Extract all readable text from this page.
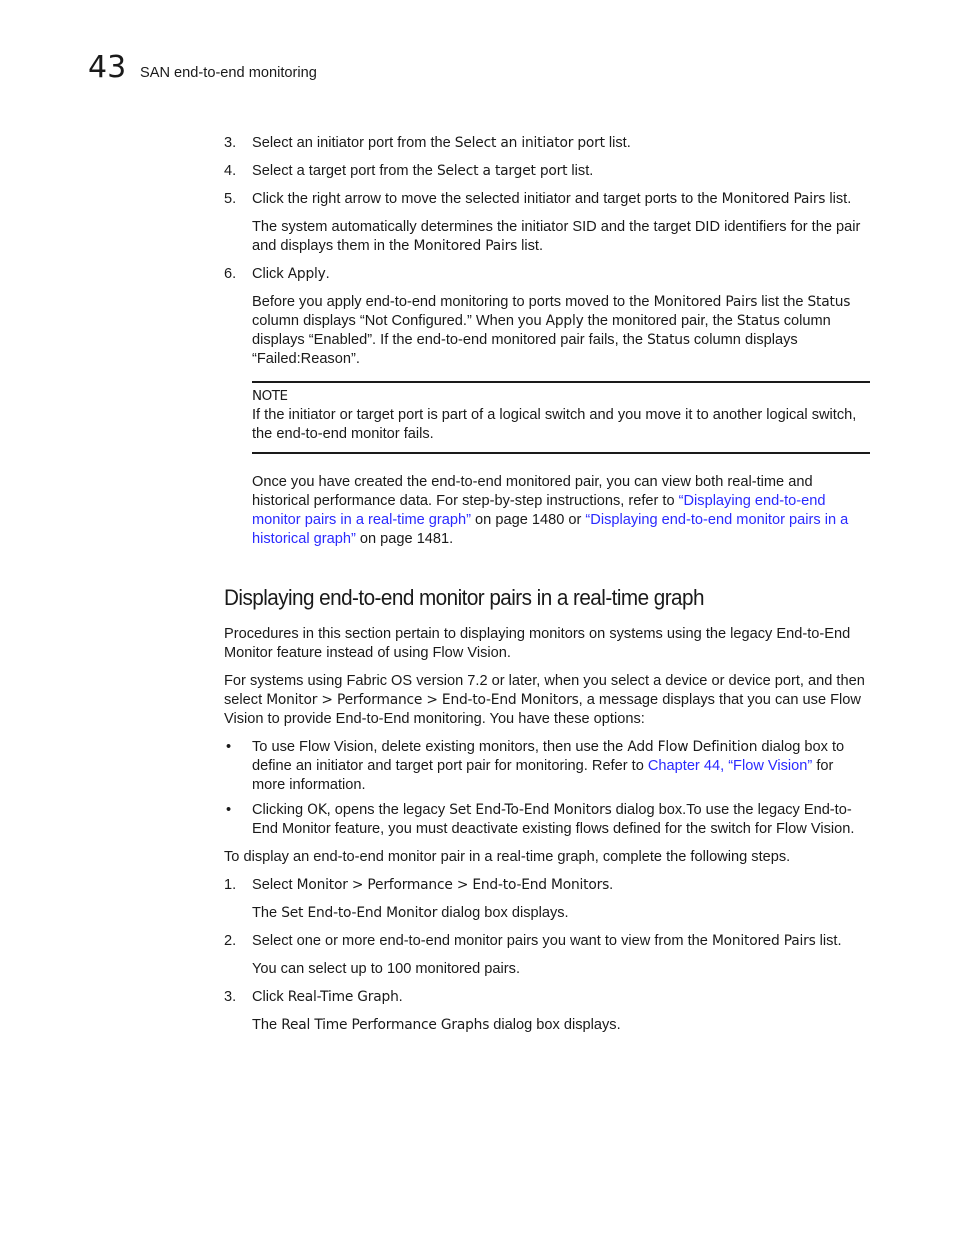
43 SAN end-to-end monitoring
3. Select an initiator port from the Select an initiator port list.
4. Select a target port from the Select a target port list.
5. Click the right arrow to move the selected initiator and target ports to the Monitored Pairs list.
The system automatically determines the initiator SID and the target DID identifiers for the pair and displays them in the Monitored Pairs list.
6. Click Apply.
Before you apply end-to-end monitoring to ports moved to the Monitored Pairs list the Status column displays “Not Configured.” When you Apply the monitored pair, the Status column displays “Enabled”. If the end-to-end monitored pair fails, the Status column displays “Failed:Reason”.
NOTE
If the initiator or target port is part of a logical switch and you move it to another logical switch, the end-to-end monitor fails.
Once you have created the end-to-end monitored pair, you can view both real-time and historical performance data. For step-by-step instructions, refer to “Displaying end-to-end monitor pairs in a real-time graph” on page 1480 or “Displaying end-to-end monitor pairs in a historical graph” on page 1481.
Displaying end-to-end monitor pairs in a real-time graph

Procedures in this section pertain to displaying monitors on systems using the legacy End-to-End Monitor feature instead of using Flow Vision.

For systems using Fabric OS version 7.2 or later, when you select a device or device port, and then select Monitor > Performance > End-to-End Monitors, a message displays that you can use Flow Vision to provide End-to-End monitoring. You have these options:

• To use Flow Vision, delete existing monitors, then use the Add Flow Definition dialog box to define an initiator and target port pair for monitoring. Refer to Chapter 44, “Flow Vision” for more information.
• Clicking OK, opens the legacy Set End-To-End Monitors dialog box.To use the legacy End-to-End Monitor feature, you must deactivate existing flows defined for the switch for Flow Vision.

To display an end-to-end monitor pair in a real-time graph, complete the following steps.

1. Select Monitor > Performance > End-to-End Monitors.
The Set End-to-End Monitor dialog box displays.
2. Select one or more end-to-end monitor pairs you want to view from the Monitored Pairs list.
You can select up to 100 monitored pairs.
3. Click Real-Time Graph.
The Real Time Performance Graphs dialog box displays.
